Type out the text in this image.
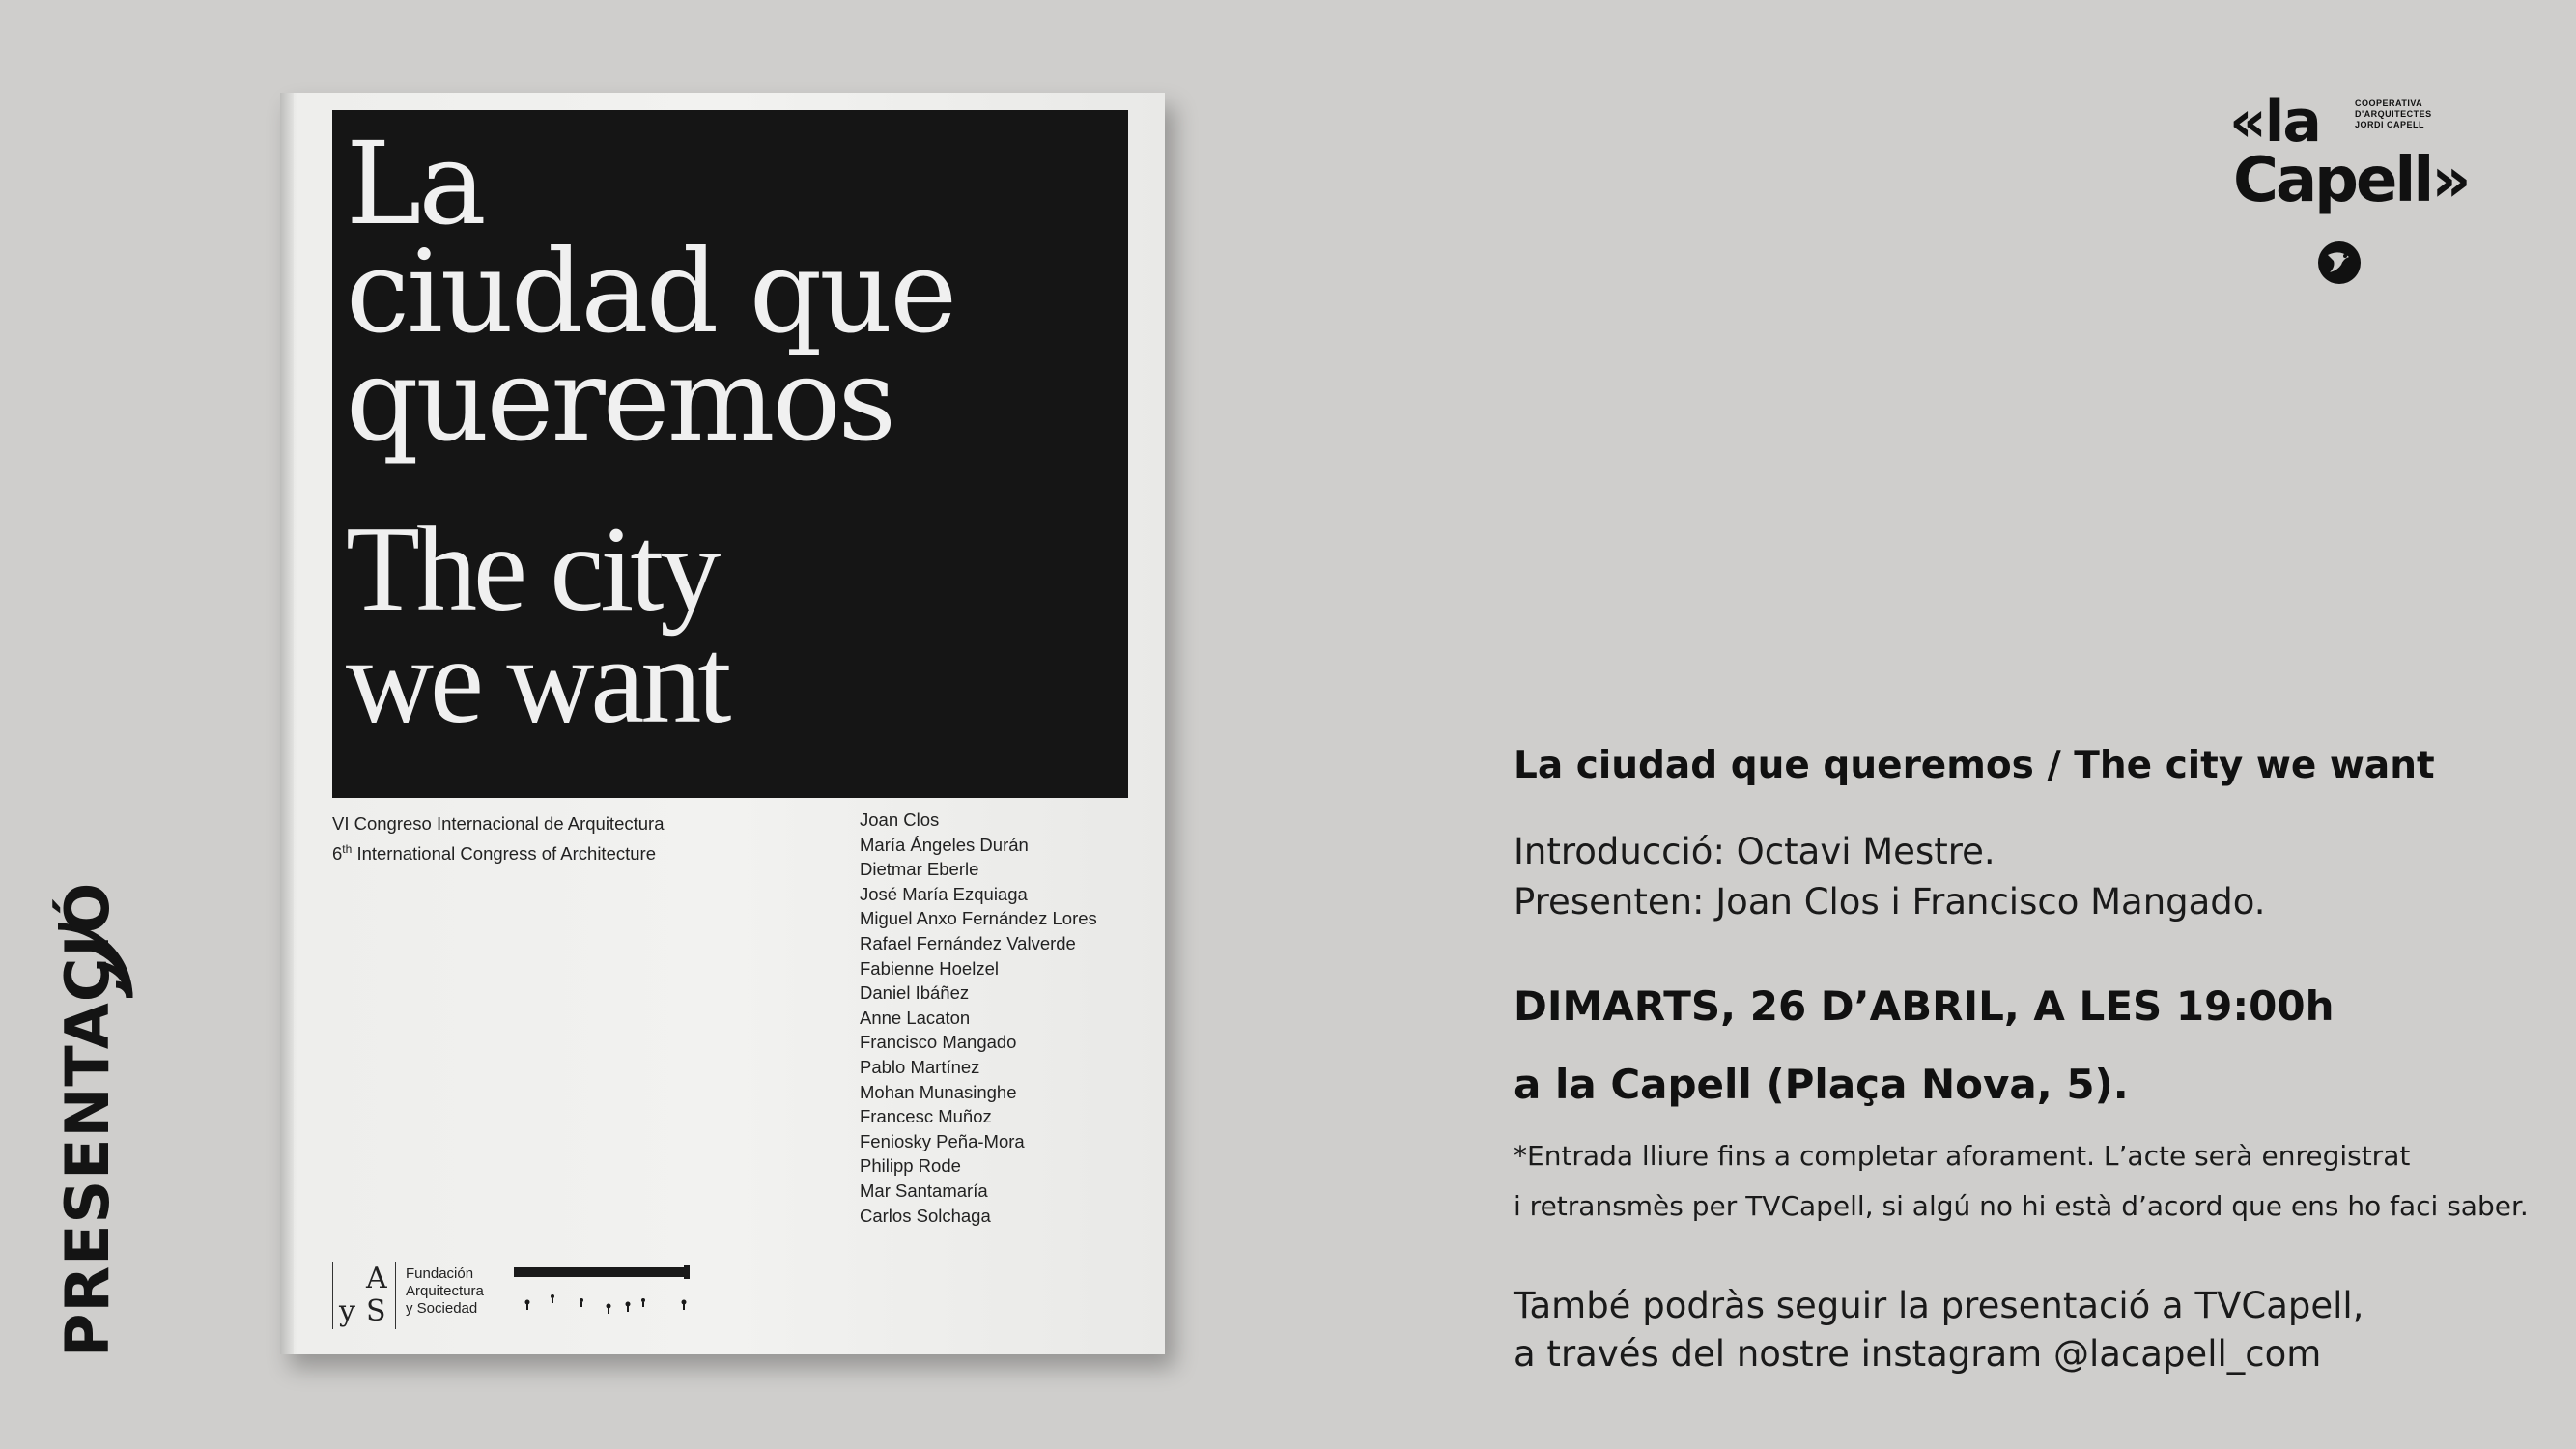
PRESENTACIÓ
La
ciudad que
queremos
The city
we want
VI Congreso Internacional de Arquitectura
6th International Congress of Architecture
Joan Clos
María Ángeles Durán
Dietmar Eberle
José María Ezquiaga
Miguel Anxo Fernández Lores
Rafael Fernández Valverde
Fabienne Hoelzel
Daniel Ibáñez
Anne Lacaton
Francisco Mangado
Pablo Martínez
Mohan Munasinghe
Francesc Muñoz
Feniosky Peña-Mora
Philipp Rode
Mar Santamaría
Carlos Solchaga
A
y S
Fundación
Arquitectura
y Sociedad
«la	COOPERATIVA
D'ARQUITECTES
JORDI CAPELL
Capell»
La ciudad que queremos / The city we want
Introducció: Octavi Mestre.
Presenten: Joan Clos i Francisco Mangado.
DIMARTS, 26 D’ABRIL, A LES 19:00h
a la Capell (Plaça Nova, 5).
*Entrada lliure fins a completar aforament. L’acte serà enregistrat
i retransmès per TVCapell, si algú no hi està d’acord que ens ho faci saber.
També podràs seguir la presentació a TVCapell,
a través del nostre instagram @lacapell_com
